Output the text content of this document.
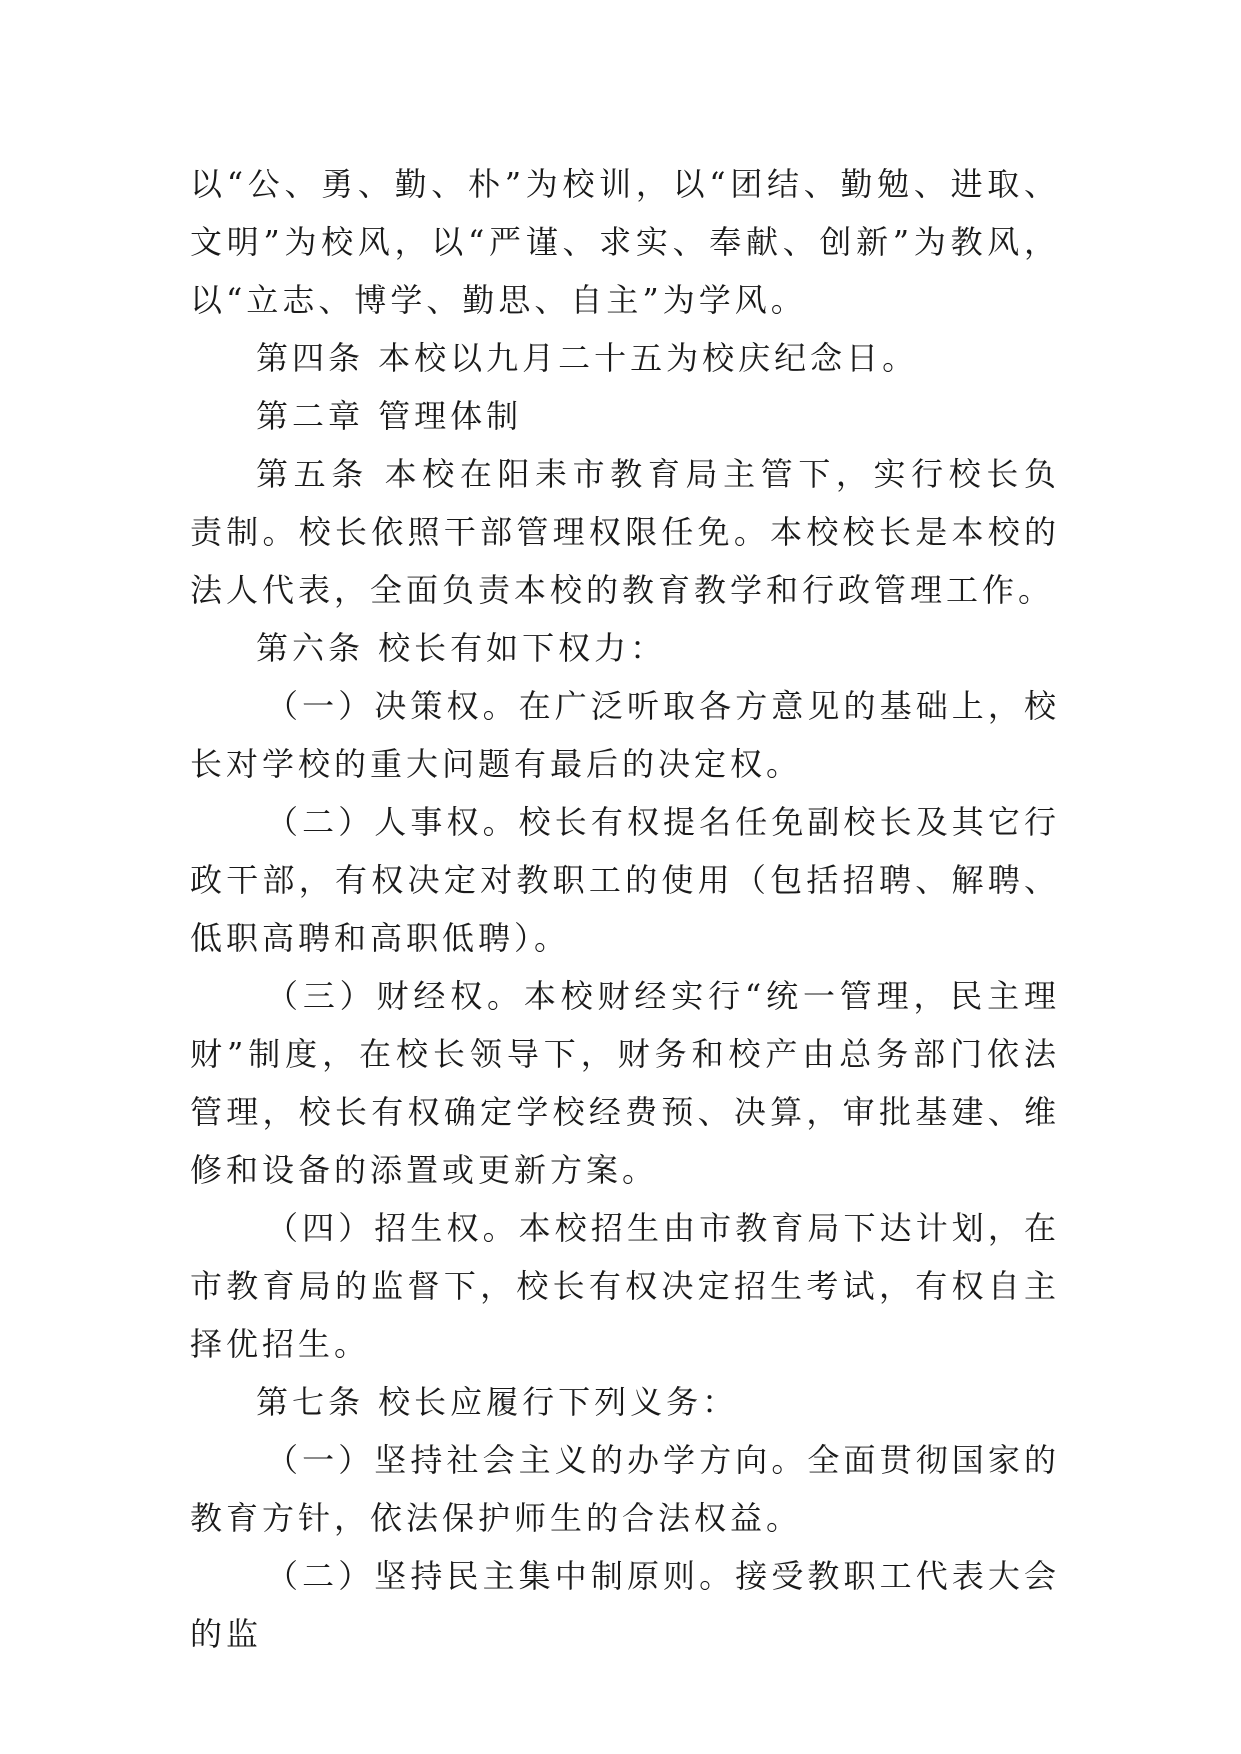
以“公、勇、勤、朴”为校训，以“团结、勤勉、进取、文明”为校风，以“严谨、求实、奉献、创新”为教风，以“立志、博学、勤思、自主”为学风。

第四条 本校以九月二十五为校庆纪念日。

第二章 管理体制

第五条 本校在阳耒市教育局主管下，实行校长负责制。校长依照干部管理权限任免。本校校长是本校的法人代表，全面负责本校的教育教学和行政管理工作。

第六条 校长有如下权力：

（一）决策权。在广泛听取各方意见的基础上，校长对学校的重大问题有最后的决定权。

（二）人事权。校长有权提名任免副校长及其它行政干部，有权决定对教职工的使用（包括招聘、解聘、低职高聘和高职低聘）。

（三）财经权。本校财经实行“统一管理，民主理财”制度，在校长领导下，财务和校产由总务部门依法管理，校长有权确定学校经费预、决算，审批基建、维修和设备的添置或更新方案。

（四）招生权。本校招生由市教育局下达计划，在市教育局的监督下，校长有权决定招生考试，有权自主择优招生。

第七条 校长应履行下列义务：

（一）坚持社会主义的办学方向。全面贯彻国家的教育方针，依法保护师生的合法权益。

（二）坚持民主集中制原则。接受教职工代表大会的监
